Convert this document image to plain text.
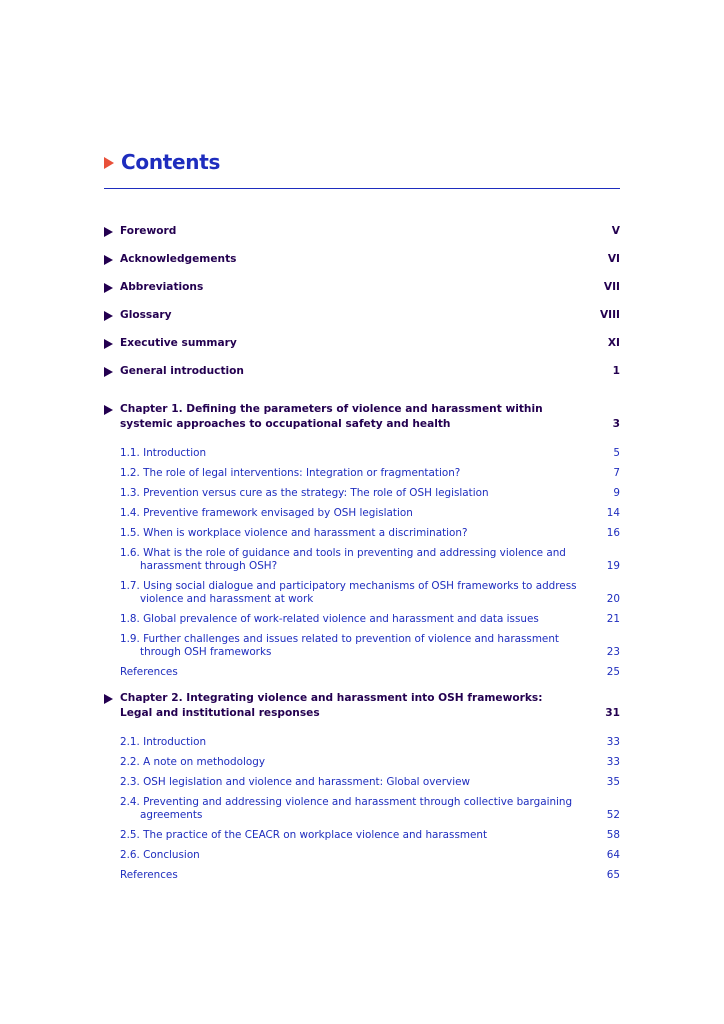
Contents
Foreword	V
Acknowledgements	VI
Abbreviations	VII
Glossary	VIII
Executive summary	XI
General introduction	1
Chapter 1. Defining the parameters of violence and harassment within systemic approaches to occupational safety and health	3
1.1. Introduction	5
1.2. The role of legal interventions: Integration or fragmentation?	7
1.3. Prevention versus cure as the strategy: The role of OSH legislation	9
1.4. Preventive framework envisaged by OSH legislation	14
1.5. When is workplace violence and harassment a discrimination?	16
1.6. What is the role of guidance and tools in preventing and addressing violence and harassment through OSH?	19
1.7. Using social dialogue and participatory mechanisms of OSH frameworks to address violence and harassment at work	20
1.8. Global prevalence of work-related violence and harassment and data issues	21
1.9. Further challenges and issues related to prevention of violence and harassment through OSH frameworks	23
References	25
Chapter 2. Integrating violence and harassment into OSH frameworks:
Legal and institutional responses	31
2.1. Introduction	33
2.2. A note on methodology	33
2.3. OSH legislation and violence and harassment: Global overview	35
2.4. Preventing and addressing violence and harassment through collective bargaining agreements	52
2.5. The practice of the CEACR on workplace violence and harassment	58
2.6. Conclusion	64
References	65
